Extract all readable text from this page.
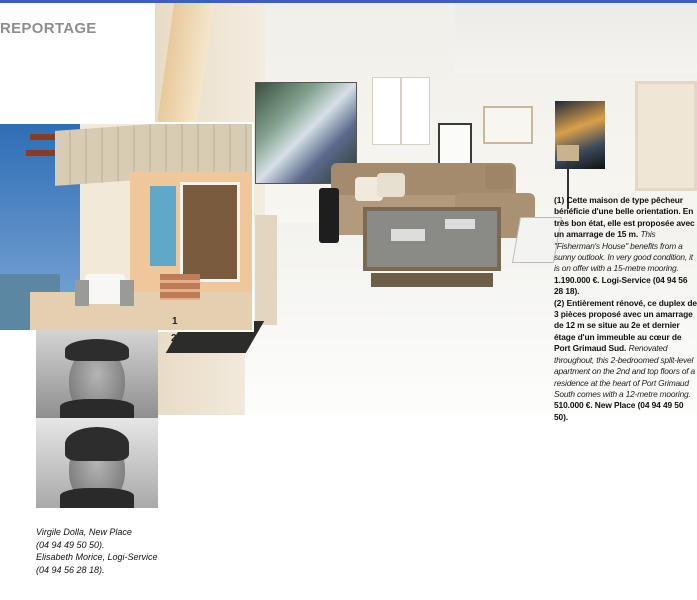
2
REPORTAGE
1

(1) Cette maison de type pêcheur bénéficie d'une belle orientation. En très bon état, elle est proposée avec un amarrage de 15 m. This "Fisherman's House" benefits from a sunny outlook. In very good condition, it is on offer with a 15-metre mooring. 1.190.000 €. Logi-Service (04 94 56 28 18).

(2) Entièrement rénové, ce duplex de 3 pièces proposé avec un amarrage de 12 m se situe au 2e et dernier étage d'un immeuble au cœur de Port Grimaud Sud. Renovated throughout, this 2-bedroomed split-level apartment on the 2nd and top floors of a residence at the heart of Port Grimaud South comes with a 12-metre mooring. 510.000 €. New Place (04 94 49 50 50).

Virgile Dolla, New Place
(04 94 49 50 50).
Elisabeth Morice, Logi-Service
(04 94 56 28 18).
